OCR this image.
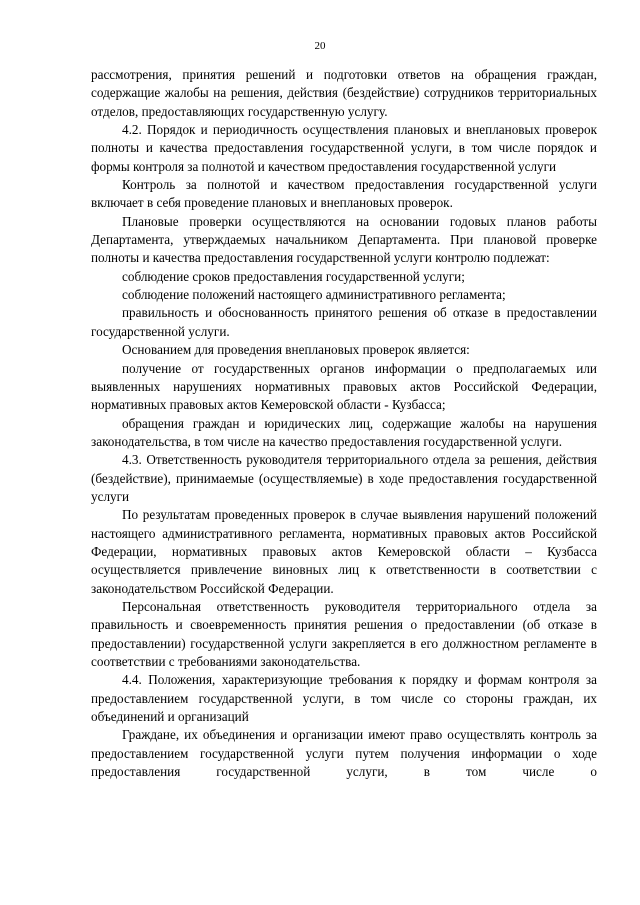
20

рассмотрения, принятия решений и подготовки ответов на обращения граждан, содержащие жалобы на решения, действия (бездействие) сотрудников территориальных отделов, предоставляющих государственную услугу.

4.2. Порядок и периодичность осуществления плановых и внеплановых проверок полноты и качества предоставления государственной услуги, в том числе порядок и формы контроля за полнотой и качеством предоставления государственной услуги

Контроль за полнотой и качеством предоставления государственной услуги включает в себя проведение плановых и внеплановых проверок.

Плановые проверки осуществляются на основании годовых планов работы Департамента, утверждаемых начальником Департамента. При плановой проверке полноты и качества предоставления государственной услуги контролю подлежат:

соблюдение сроков предоставления государственной услуги;

соблюдение положений настоящего административного регламента;

правильность и обоснованность принятого решения об отказе в предоставлении государственной услуги.

Основанием для проведения внеплановых проверок является:

получение от государственных органов информации о предполагаемых или выявленных нарушениях нормативных правовых актов Российской Федерации, нормативных правовых актов Кемеровской области - Кузбасса;

обращения граждан и юридических лиц, содержащие жалобы на нарушения законодательства, в том числе на качество предоставления государственной услуги.

4.3. Ответственность руководителя территориального отдела за решения, действия (бездействие), принимаемые (осуществляемые) в ходе предоставления государственной услуги

По результатам проведенных проверок в случае выявления нарушений положений настоящего административного регламента, нормативных правовых актов Российской Федерации, нормативных правовых актов Кемеровской области – Кузбасса осуществляется привлечение виновных лиц к ответственности в соответствии с законодательством Российской Федерации.

Персональная ответственность руководителя территориального отдела за правильность и своевременность принятия решения о предоставлении (об отказе в предоставлении) государственной услуги закрепляется в его должностном регламенте в соответствии с требованиями законодательства.

4.4. Положения, характеризующие требования к порядку и формам контроля за предоставлением государственной услуги, в том числе со стороны граждан, их объединений и организаций

Граждане, их объединения и организации имеют право осуществлять контроль за предоставлением государственной услуги путем получения информации о ходе предоставления государственной услуги, в том числе о
